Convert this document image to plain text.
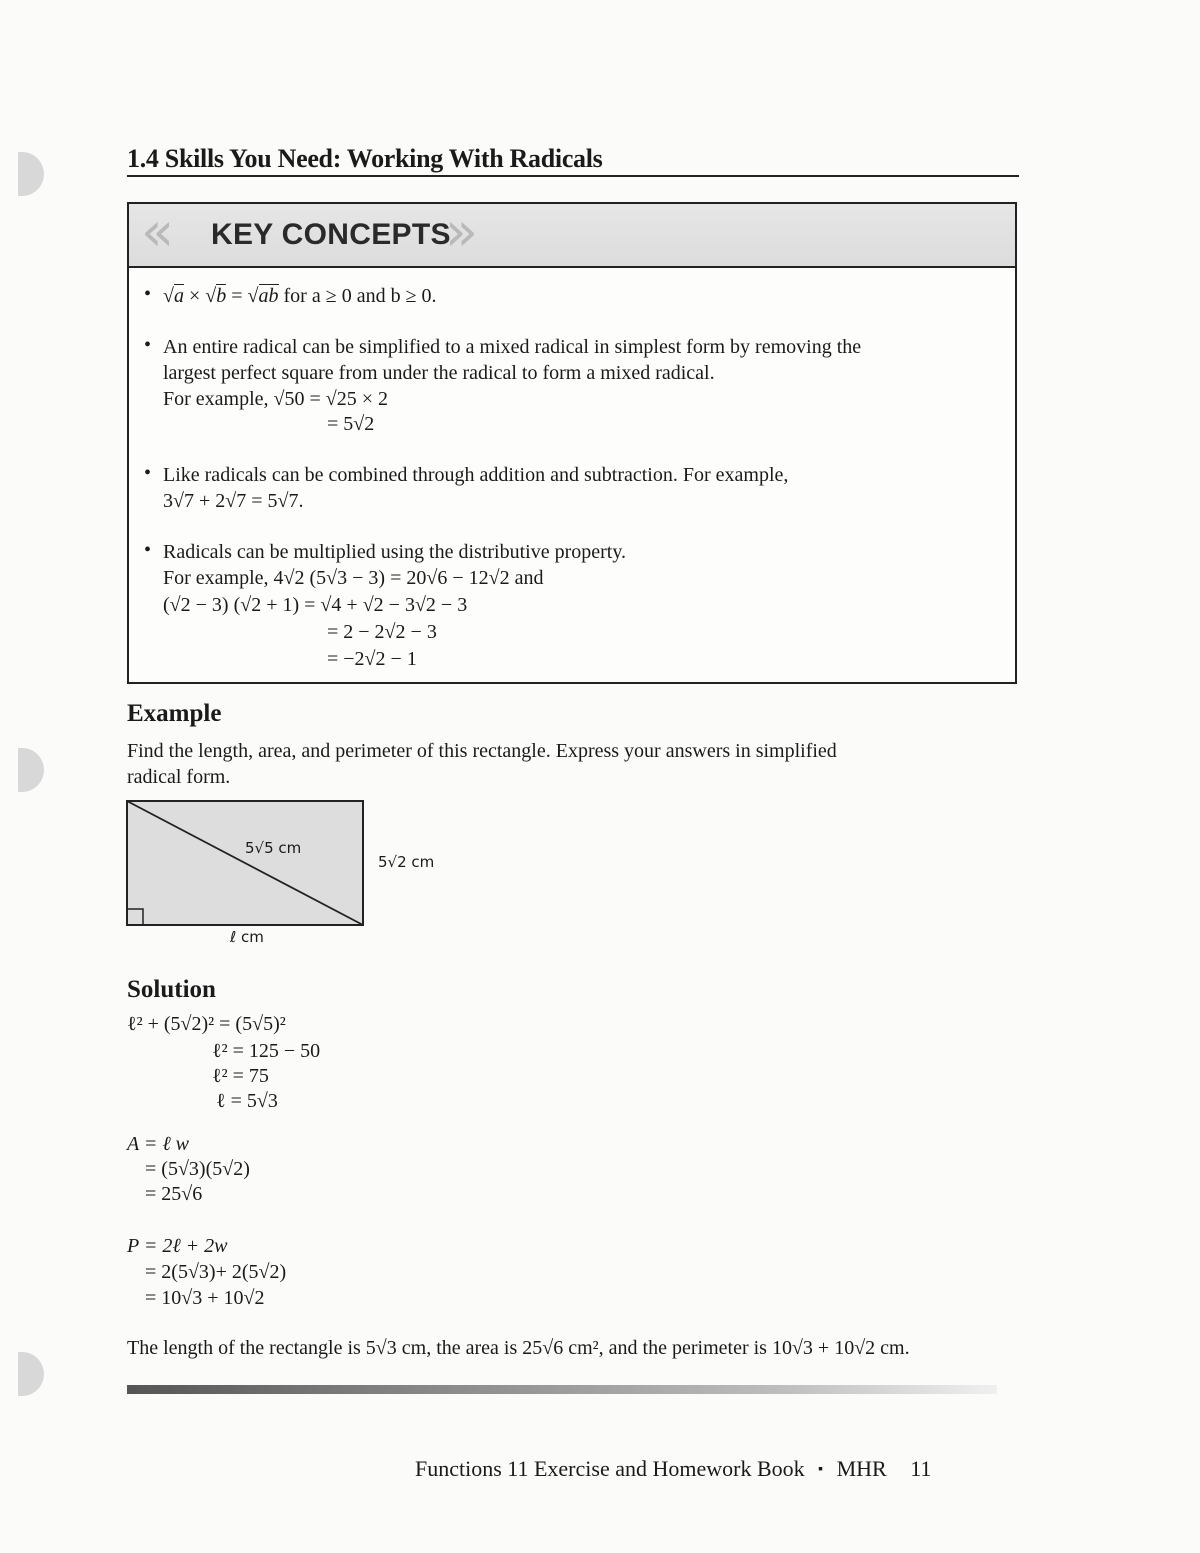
1.4 Skills You Need: Working With Radicals
« KEY CONCEPTS
»
• √a × √b = √ab for a ≥ 0 and b ≥ 0.
• An entire radical can be simplified to a mixed radical in simplest form by removing the
largest perfect square from under the radical to form a mixed radical.
For example, √50 = √25 × 2
= 5√2
• Like radicals can be combined through addition and subtraction. For example,
3√7 + 2√7 = 5√7.
• Radicals can be multiplied using the distributive property.
For example, 4√2 (5√3 − 3) = 20√6 − 12√2 and
(√2 − 3) (√2 + 1) = √4 + √2 − 3√2 − 3
= 2 − 2√2 − 3
= −2√2 − 1
Example
Find the length, area, and perimeter of this rectangle. Express your answers in simplified
radical form.
5√5 cm
5√2 cm
ℓ cm
Solution
ℓ² + (5√2)² = (5√5)²
ℓ² = 125 − 50
ℓ² = 75
ℓ = 5√3
A = ℓ w
= (5√3)(5√2)
= 25√6
P = 2ℓ + 2w
= 2(5√3)+ 2(5√2)
= 10√3 + 10√2
The length of the rectangle is 5√3 cm, the area is 25√6 cm², and the perimeter is 10√3 + 10√2 cm.
Functions 11 Exercise and Homework Book ▪ MHR 11
